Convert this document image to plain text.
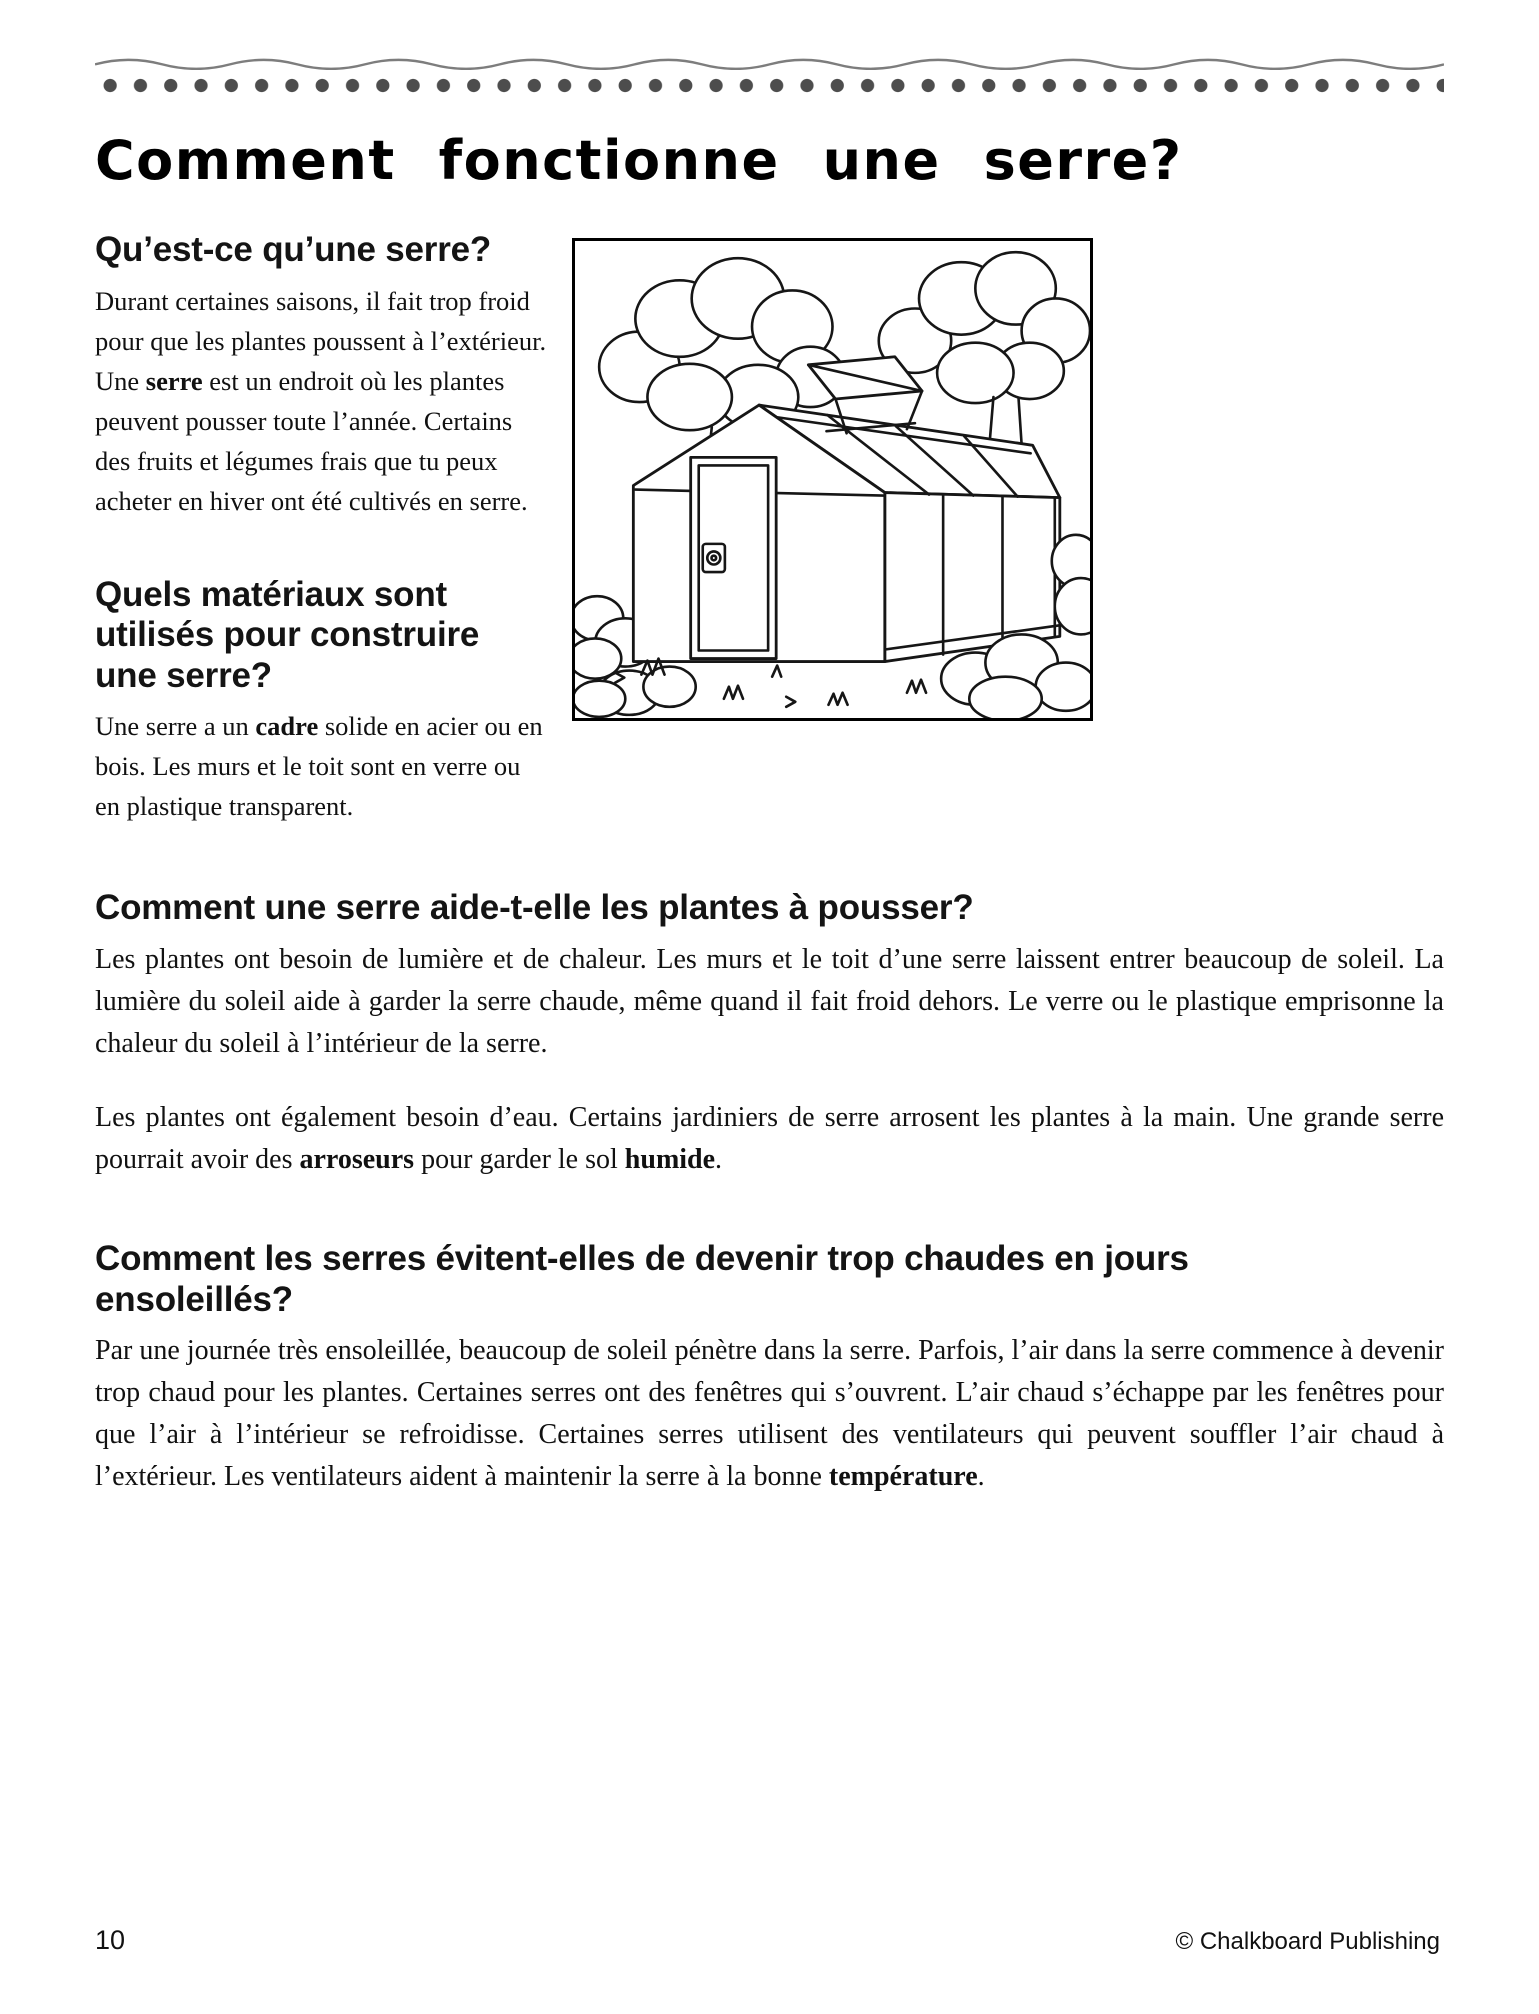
Comment fonctionne une serre?
Qu’est-ce qu’une serre?

Durant certaines saisons, il fait trop froid pour que les plantes poussent à l’extérieur. Une serre est un endroit où les plantes peuvent pousser toute l’année. Certains des fruits et légumes frais que tu peux acheter en hiver ont été cultivés en serre.

Quels matériaux sont utilisés pour construire une serre?

Une serre a un cadre solide en acier ou en bois. Les murs et le toit sont en verre ou en plastique transparent.

Comment une serre aide-t-elle les plantes à pousser?

Les plantes ont besoin de lumière et de chaleur. Les murs et le toit d’une serre laissent entrer beaucoup de soleil. La lumière du soleil aide à garder la serre chaude, même quand il fait froid dehors. Le verre ou le plastique emprisonne la chaleur du soleil à l’intérieur de la serre.

Les plantes ont également besoin d’eau. Certains jardiniers de serre arrosent les plantes à la main. Une grande serre pourrait avoir des arroseurs pour garder le sol humide.

Comment les serres évitent-elles de devenir trop chaudes en jours ensoleillés?

Par une journée très ensoleillée, beaucoup de soleil pénètre dans la serre. Parfois, l’air dans la serre commence à devenir trop chaud pour les plantes. Certaines serres ont des fenêtres qui s’ouvrent. L’air chaud s’échappe par les fenêtres pour que l’air à l’intérieur se refroidisse. Certaines serres utilisent des ventilateurs qui peuvent souffler l’air chaud à l’extérieur. Les ventilateurs aident à maintenir la serre à la bonne température.

10	© Chalkboard Publishing
